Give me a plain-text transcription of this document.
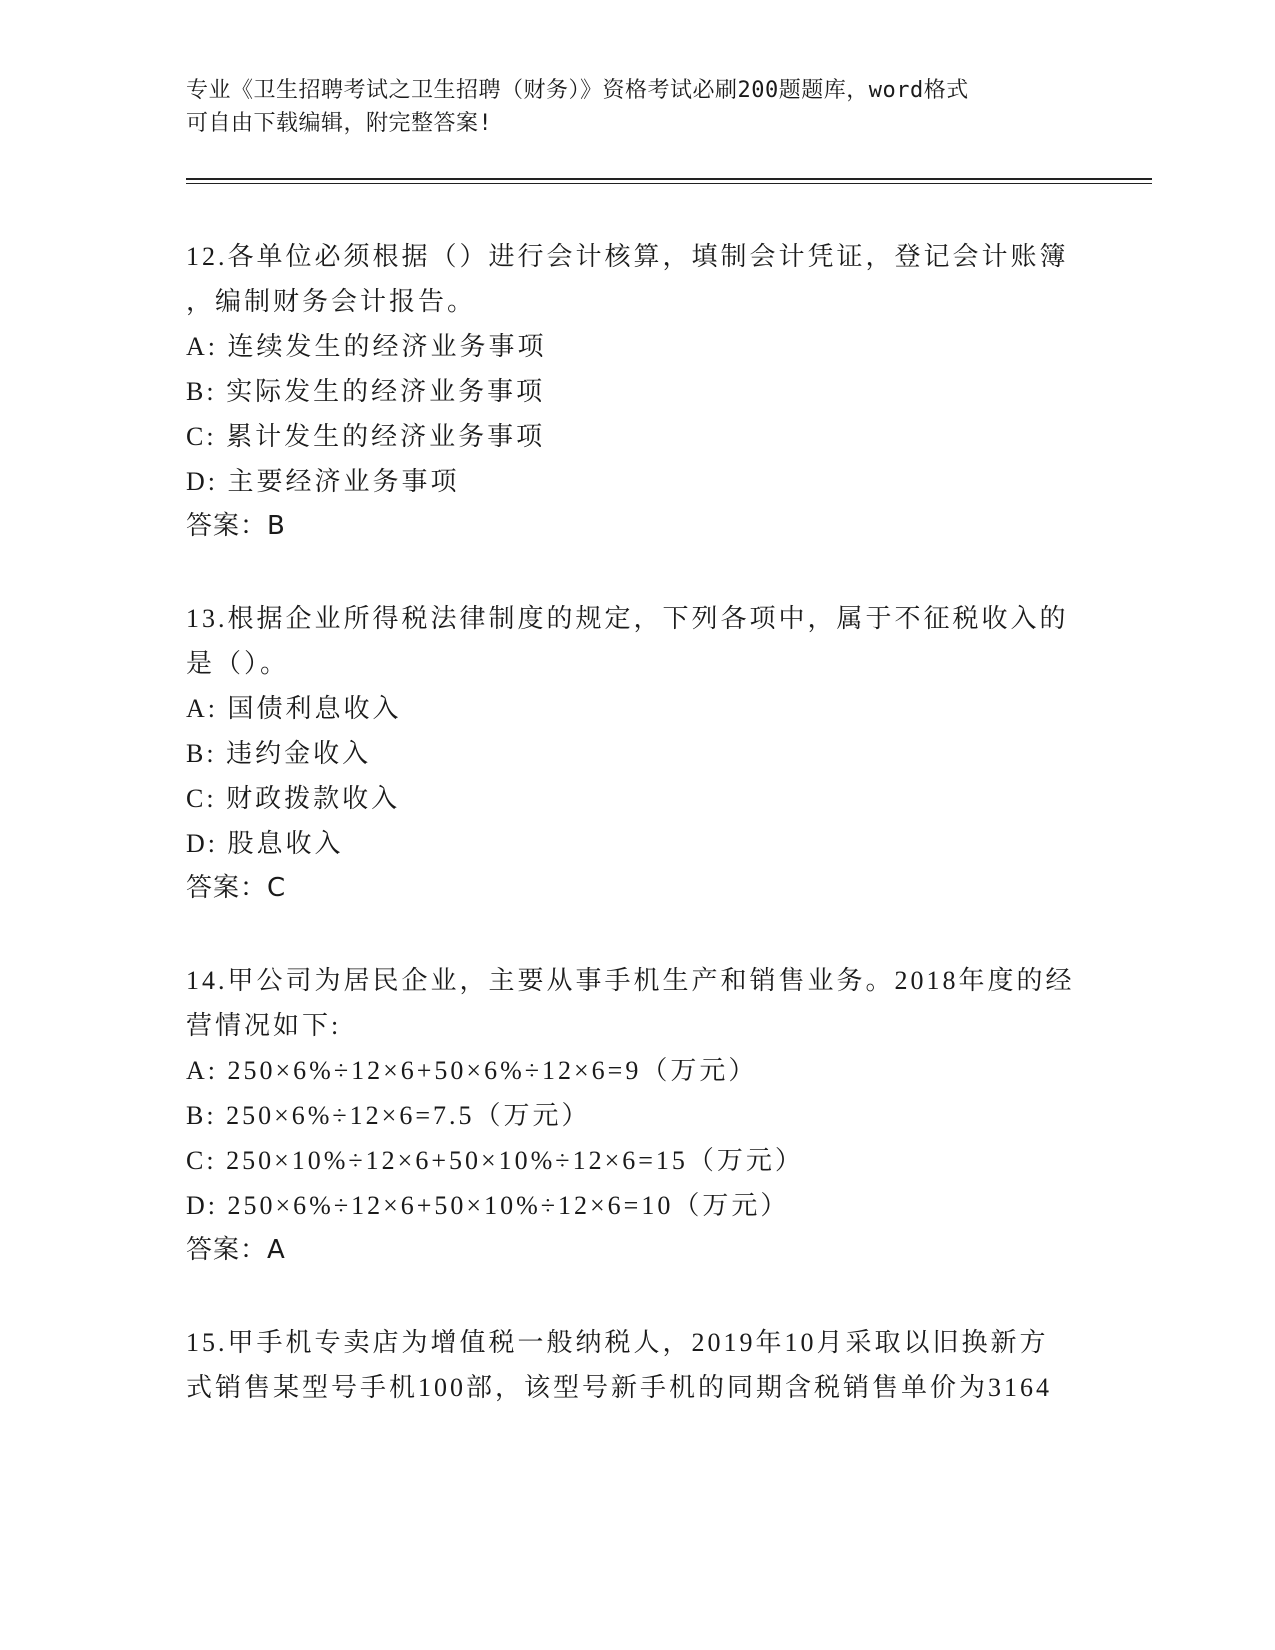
专业《卫生招聘考试之卫生招聘（财务）》资格考试必刷200题题库，word格式
可自由下载编辑，附完整答案!
12.各单位必须根据（）进行会计核算，填制会计凭证，登记会计账簿
，编制财务会计报告。
A: 连续发生的经济业务事项
B: 实际发生的经济业务事项
C: 累计发生的经济业务事项
D: 主要经济业务事项
答案：B
13.根据企业所得税法律制度的规定，下列各项中，属于不征税收入的
是（）。
A: 国债利息收入
B: 违约金收入
C: 财政拨款收入
D: 股息收入
答案：C
14.甲公司为居民企业，主要从事手机生产和销售业务。2018年度的经
营情况如下:
A: 250×6%÷12×6+50×6%÷12×6=9（万元）
B: 250×6%÷12×6=7.5（万元）
C: 250×10%÷12×6+50×10%÷12×6=15（万元）
D: 250×6%÷12×6+50×10%÷12×6=10（万元）
答案：A
15.甲手机专卖店为增值税一般纳税人，2019年10月采取以旧换新方
式销售某型号手机100部，该型号新手机的同期含税销售单价为3164
